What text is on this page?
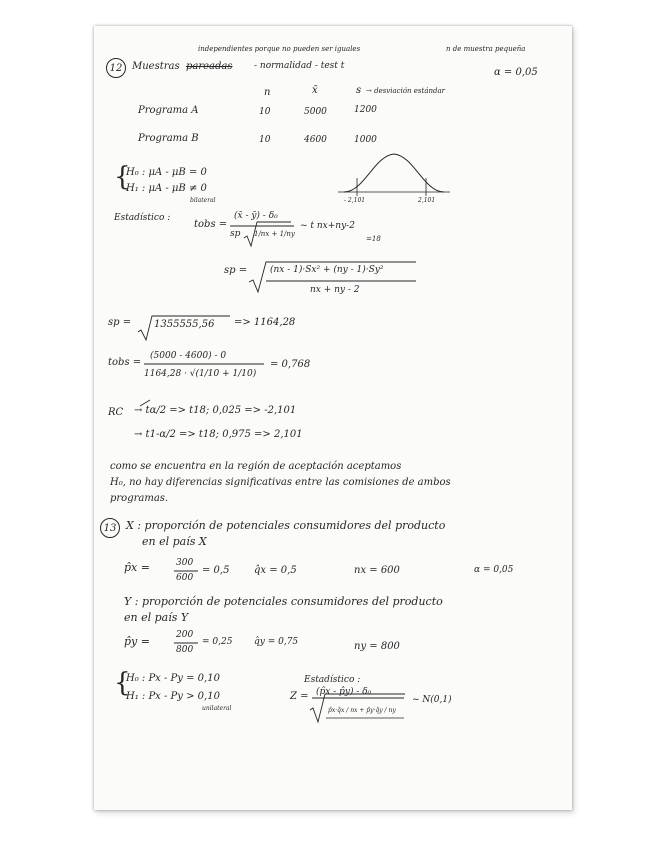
12
independientes porque no pueden ser iguales	n de muestra pequeña
Muestras pareadas - normalidad - test t
α = 0,05
n	x̄	s → desviación estándar
Programa A	10	5000	1200
Programa B	10	4600	1000
{
H₀ : μA - μB = 0
H₁ : μA - μB ≠ 0
bilateral	- 2,101	2,101
Estadístico :
tobs =
(x̄ - ȳ) - δ₀
sp 1/nx + 1/ny
~ t nx+ny-2
=18
sp =	(nx - 1)·Sx² + (ny - 1)·Sy²
nx + ny - 2
sp = 1355555,56 => 1164,28
tobs =
(5000 - 4600) - 0
1164,28 · √(1/10 + 1/10)
= 0,768
RC → tα/2 => t18; 0,025 => -2,101
→ t1-α/2 => t18; 0,975 => 2,101
como se encuentra en la región de aceptación aceptamos
H₀, no hay diferencias significativas entre las comisiones de ambos
programas.
13 X : proporción de potenciales consumidores del producto
en el país X
p̂x =	300
600
= 0,5 q̂x = 0,5	nx = 600	α = 0,05
Y : proporción de potenciales consumidores del producto
en el país Y
p̂y =	200
800
= 0,25 q̂y = 0,75	ny = 800
{
H₀ : Px - Py = 0,10
H₁ : Px - Py > 0,10
unilateral
Estadístico :
Z = (p̂x - p̂y) - δ₀
p̂x·q̂x / nx + p̂y·q̂y / ny
~ N(0,1)
